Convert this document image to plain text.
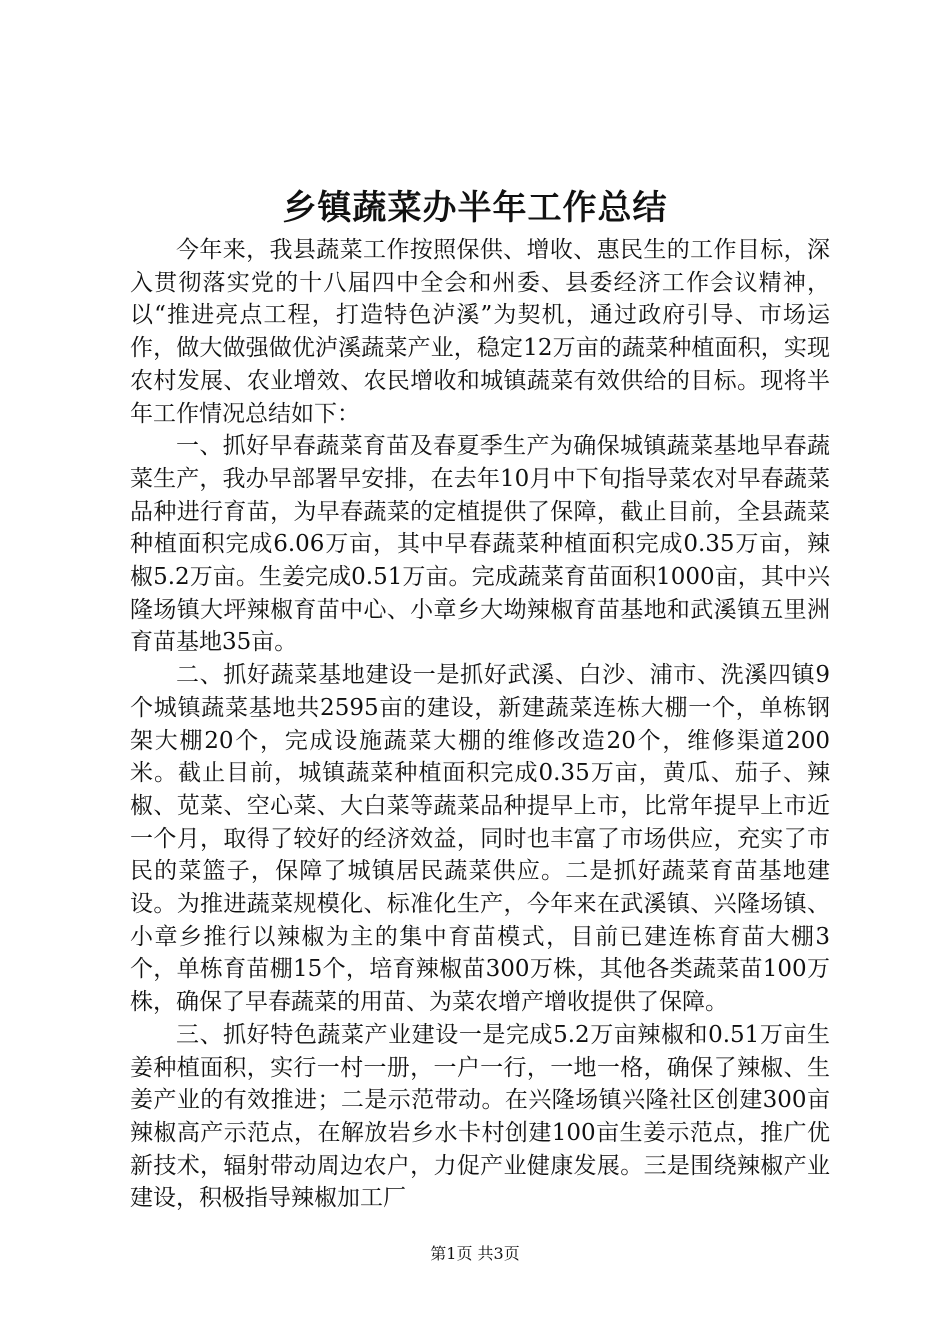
乡镇蔬菜办半年工作总结

今年来，我县蔬菜工作按照保供、增收、惠民生的工作目标，深入贯彻落实党的十八届四中全会和州委、县委经济工作会议精神，以“推进亮点工程，打造特色泸溪”为契机，通过政府引导、市场运作，做大做强做优泸溪蔬菜产业，稳定12万亩的蔬菜种植面积，实现农村发展、农业增效、农民增收和城镇蔬菜有效供给的目标。现将半年工作情况总结如下：

一、抓好早春蔬菜育苗及春夏季生产为确保城镇蔬菜基地早春蔬菜生产，我办早部署早安排，在去年10月中下旬指导菜农对早春蔬菜品种进行育苗，为早春蔬菜的定植提供了保障，截止目前，全县蔬菜种植面积完成6.06万亩，其中早春蔬菜种植面积完成0.35万亩，辣椒5.2万亩。生姜完成0.51万亩。完成蔬菜育苗面积1000亩，其中兴隆场镇大坪辣椒育苗中心、小章乡大坳辣椒育苗基地和武溪镇五里洲育苗基地35亩。

二、抓好蔬菜基地建设一是抓好武溪、白沙、浦市、洗溪四镇9个城镇蔬菜基地共2595亩的建设，新建蔬菜连栋大棚一个，单栋钢架大棚20个，完成设施蔬菜大棚的维修改造20个，维修渠道200米。截止目前，城镇蔬菜种植面积完成0.35万亩，黄瓜、茄子、辣椒、苋菜、空心菜、大白菜等蔬菜品种提早上市，比常年提早上市近一个月，取得了较好的经济效益，同时也丰富了市场供应，充实了市民的菜篮子，保障了城镇居民蔬菜供应。二是抓好蔬菜育苗基地建设。为推进蔬菜规模化、标准化生产，今年来在武溪镇、兴隆场镇、小章乡推行以辣椒为主的集中育苗模式，目前已建连栋育苗大棚3个，单栋育苗棚15个，培育辣椒苗300万株，其他各类蔬菜苗100万株，确保了早春蔬菜的用苗、为菜农增产增收提供了保障。

三、抓好特色蔬菜产业建设一是完成5.2万亩辣椒和0.51万亩生姜种植面积，实行一村一册，一户一行，一地一格，确保了辣椒、生姜产业的有效推进；二是示范带动。在兴隆场镇兴隆社区创建300亩辣椒高产示范点，在解放岩乡水卡村创建100亩生姜示范点，推广优新技术，辐射带动周边农户，力促产业健康发展。三是围绕辣椒产业建设，积极指导辣椒加工厂

第1页 共3页
